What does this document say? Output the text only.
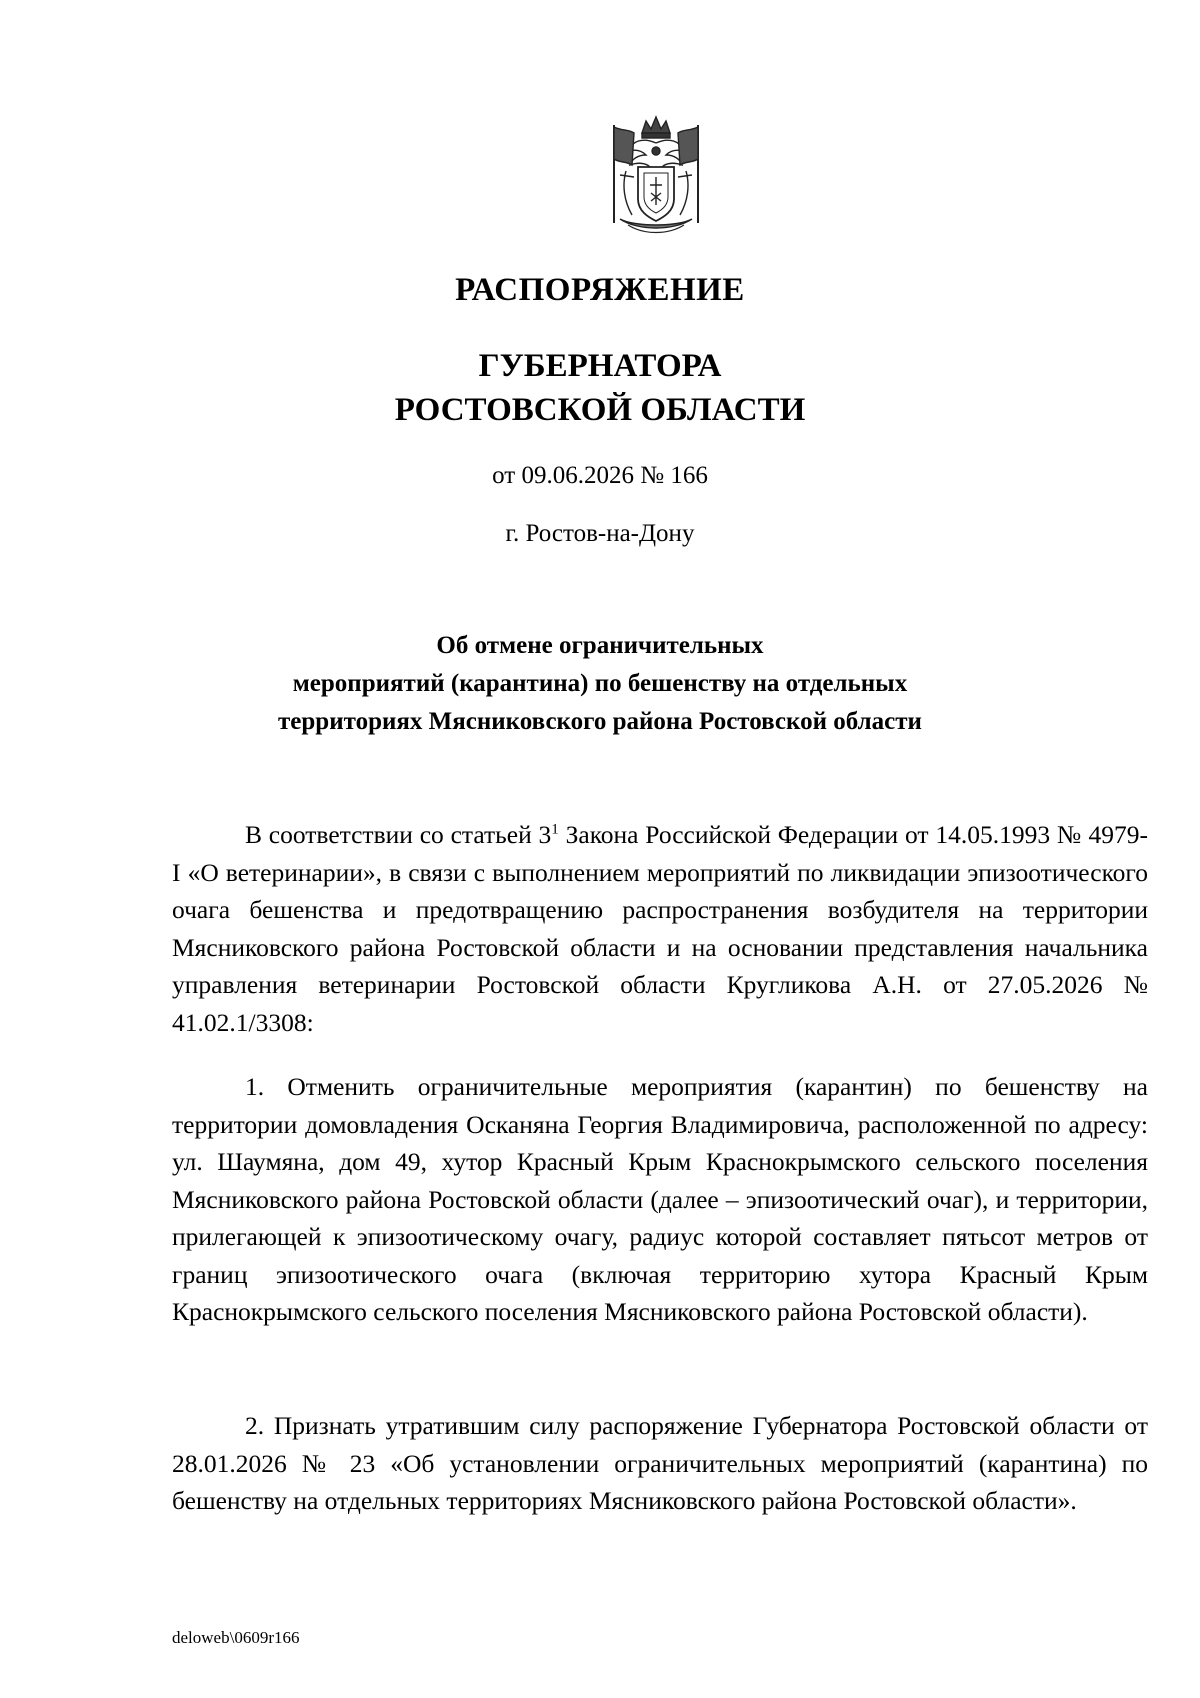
РАСПОРЯЖЕНИЕ
ГУБЕРНАТОРА
РОСТОВСКОЙ ОБЛАСТИ
от 09.06.2026 № 166
г. Ростов-на-Дону
Об отмене ограничительных
мероприятий (карантина) по бешенству на отдельных
территориях Мясниковского района Ростовской области

В соответствии со статьей $3^1$ Закона Российской Федерации от 14.05.1993 № 4979-I «О ветеринарии», в связи с выполнением мероприятий по ликвидации эпизоотического очага бешенства и предотвращению распространения возбудителя на территории Мясниковского района Ростовской области и на основании представления начальника управления ветеринарии Ростовской области Кругликова А.Н. от 27.05.2026 № 41.02.1/3308:

1. Отменить ограничительные мероприятия (карантин) по бешенству на территории домовладения Осканяна Георгия Владимировича, расположенной по адресу: ул. Шаумяна, дом 49, хутор Красный Крым Краснокрымского сельского поселения Мясниковского района Ростовской области (далее – эпизоотический очаг), и территории, прилегающей к эпизоотическому очагу, радиус которой составляет пятьсот метров от границ эпизоотического очага (включая территорию хутора Красный Крым Краснокрымского сельского поселения Мясниковского района Ростовской области).

2. Признать утратившим силу распоряжение Губернатора Ростовской области от 28.01.2026 № 23 «Об установлении ограничительных мероприятий (карантина) по бешенству на отдельных территориях Мясниковского района Ростовской области».

deloweb\0609r166
